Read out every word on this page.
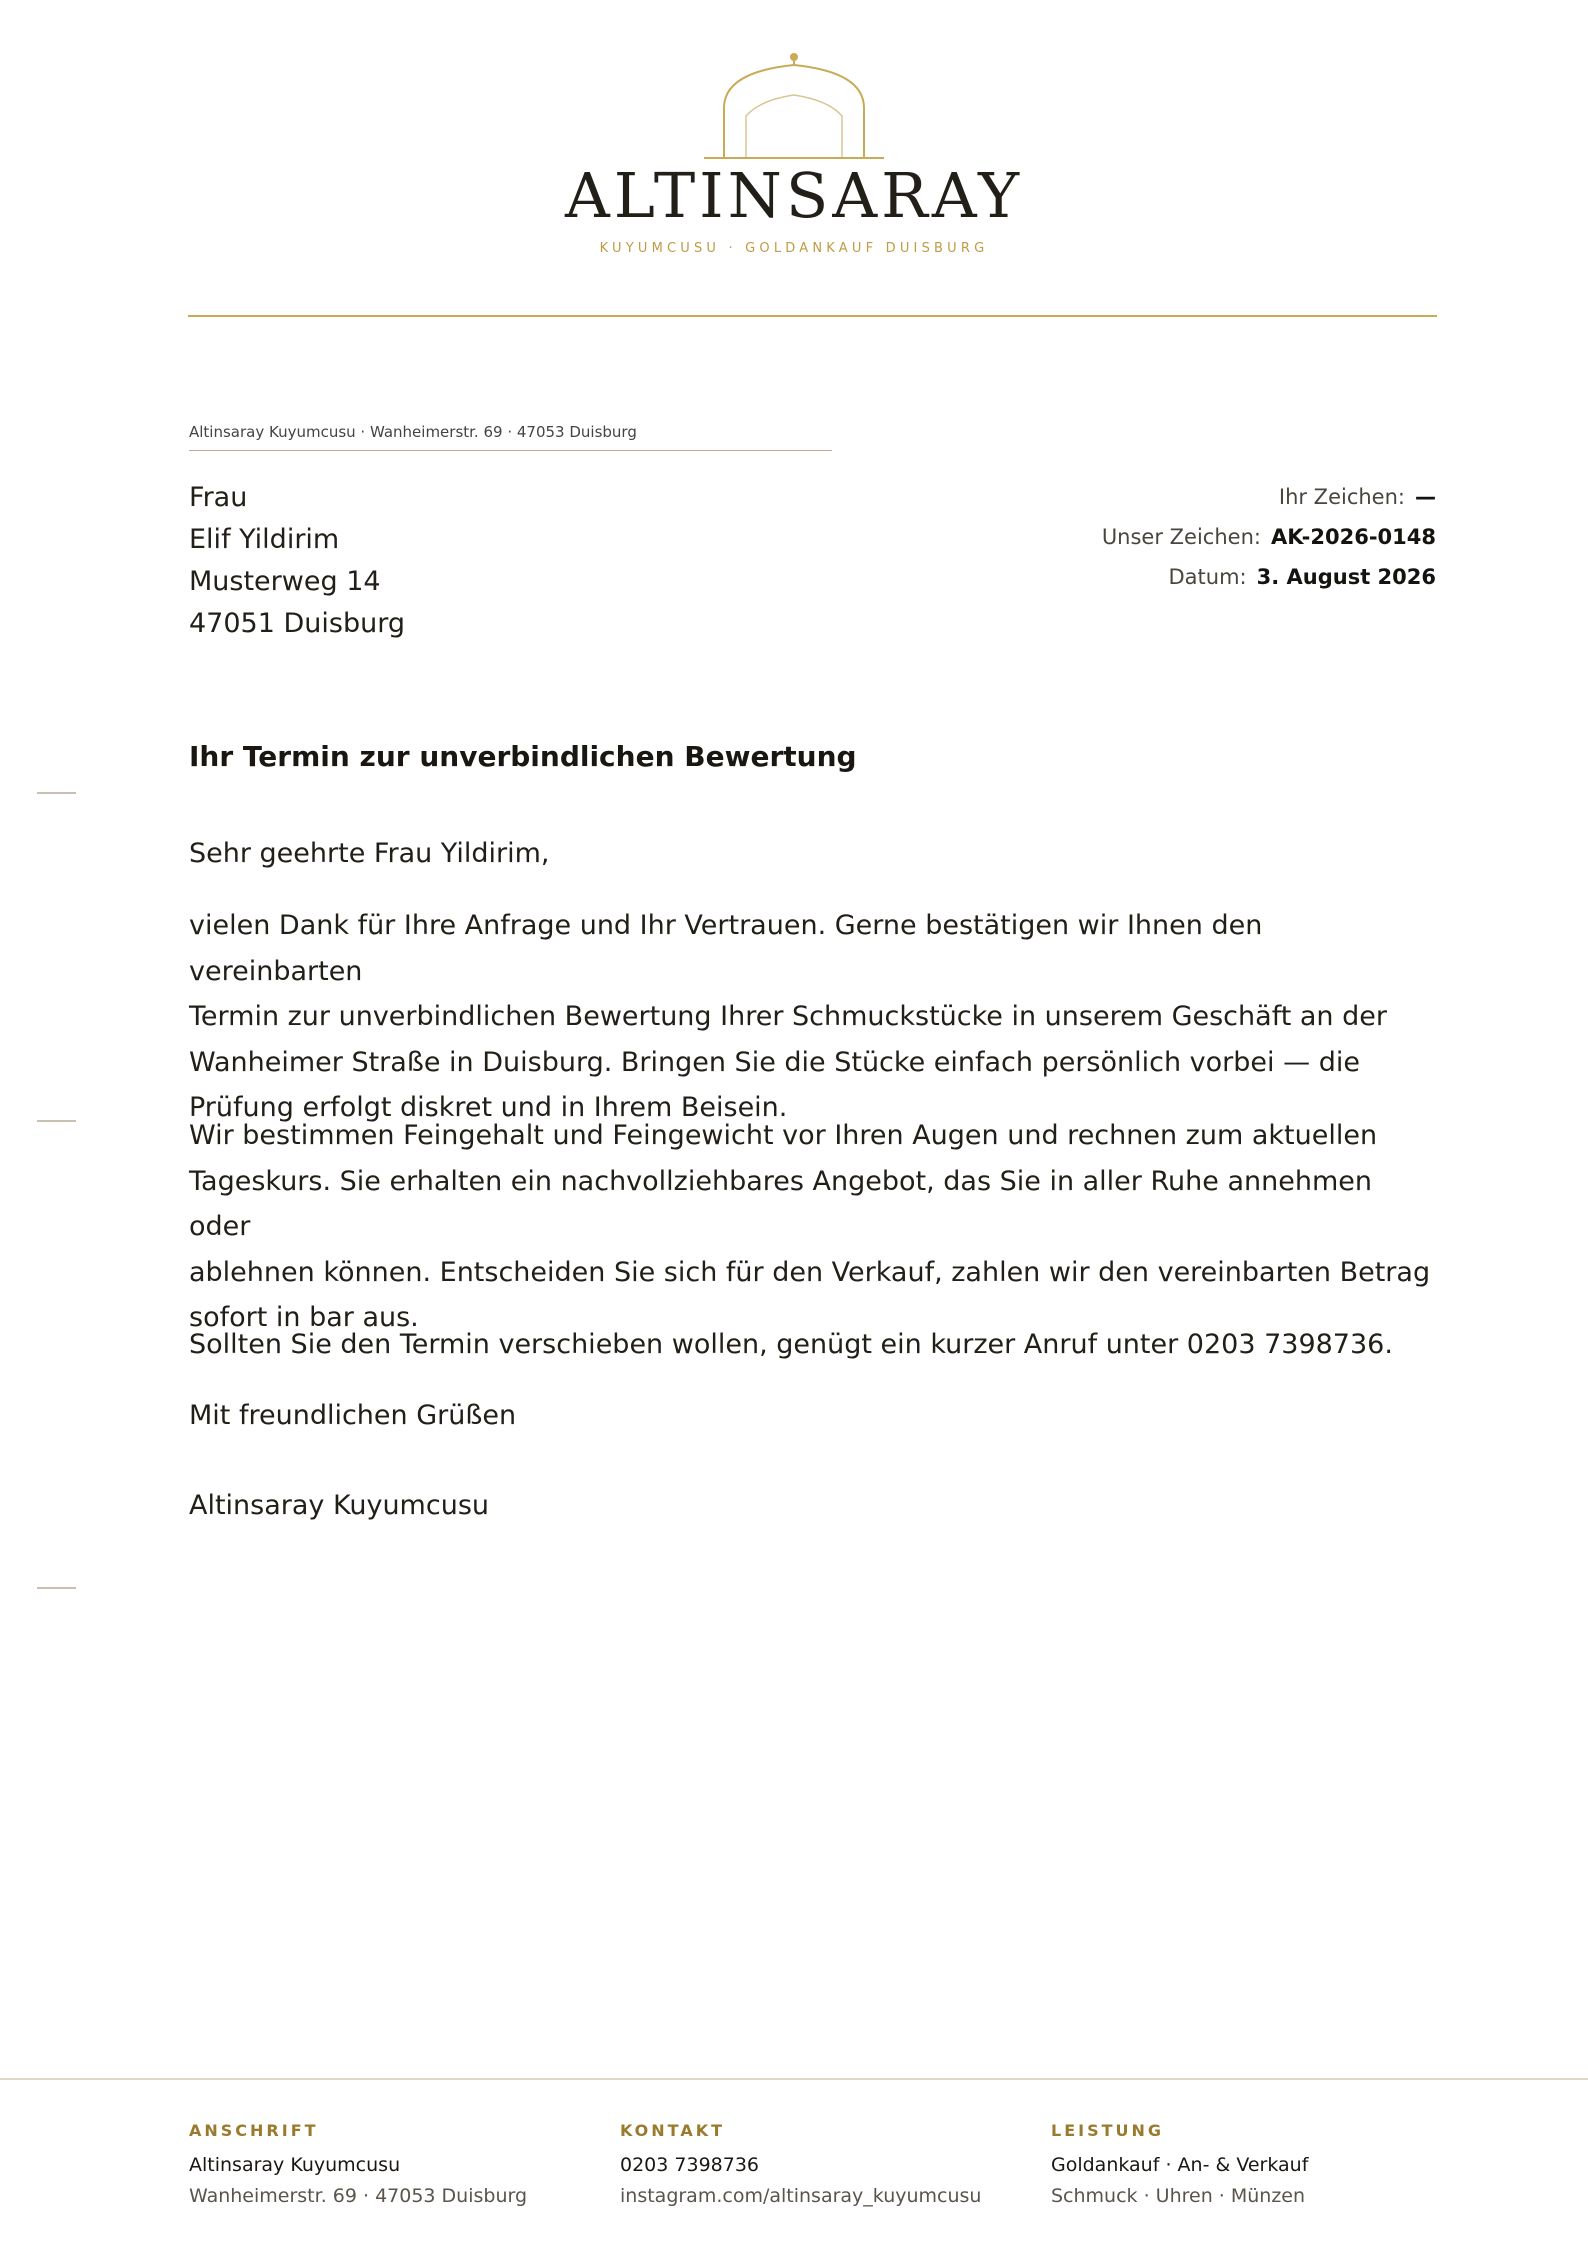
ALTINSARAY
KUYUMCUSU · GOLDANKAUF DUISBURG
Altinsaray Kuyumcusu · Wanheimerstr. 69 · 47053 Duisburg
Frau
Elif Yildirim
Musterweg 14
47051 Duisburg
Ihr Zeichen: —
Unser Zeichen: AK-2026-0148
Datum: 3. August 2026
Ihr Termin zur unverbindlichen Bewertung
Sehr geehrte Frau Yildirim,
vielen Dank für Ihre Anfrage und Ihr Vertrauen. Gerne bestätigen wir Ihnen den vereinbarten
Termin zur unverbindlichen Bewertung Ihrer Schmuckstücke in unserem Geschäft an der
Wanheimer Straße in Duisburg. Bringen Sie die Stücke einfach persönlich vorbei — die
Prüfung erfolgt diskret und in Ihrem Beisein.
Wir bestimmen Feingehalt und Feingewicht vor Ihren Augen und rechnen zum aktuellen
Tageskurs. Sie erhalten ein nachvollziehbares Angebot, das Sie in aller Ruhe annehmen oder
ablehnen können. Entscheiden Sie sich für den Verkauf, zahlen wir den vereinbarten Betrag
sofort in bar aus.
Sollten Sie den Termin verschieben wollen, genügt ein kurzer Anruf unter 0203 7398736.
Mit freundlichen Grüßen
Altinsaray Kuyumcusu
ANSCHRIFT
Altinsaray Kuyumcusu
Wanheimerstr. 69 · 47053 Duisburg
KONTAKT
0203 7398736
instagram.com/altinsaray_kuyumcusu
LEISTUNG
Goldankauf · An- & Verkauf
Schmuck · Uhren · Münzen
